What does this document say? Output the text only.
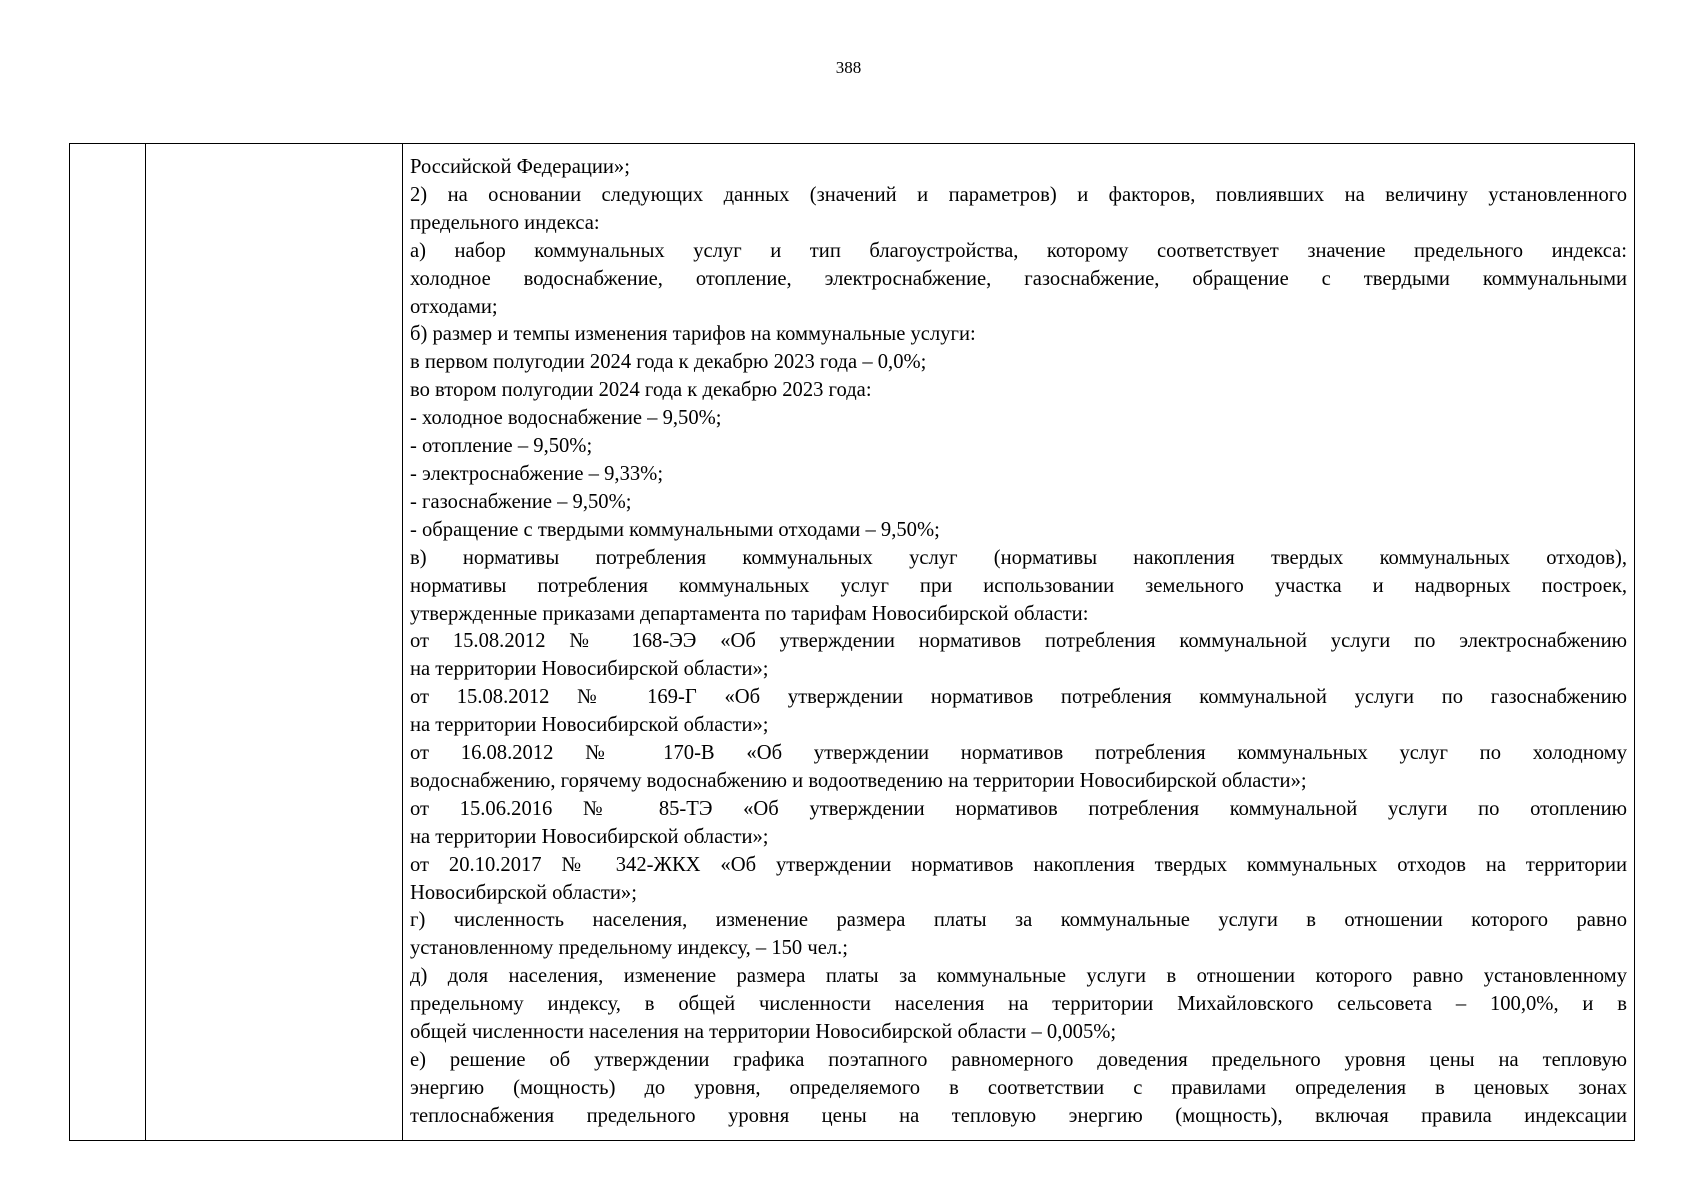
388
Российской Федерации»;
2) на основании следующих данных (значений и параметров) и факторов, повлиявших на величину установленного
предельного индекса:
а) набор коммунальных услуг и тип благоустройства, которому соответствует значение предельного индекса:
холодное водоснабжение, отопление, электроснабжение, газоснабжение, обращение с твердыми коммунальными
отходами;
б) размер и темпы изменения тарифов на коммунальные услуги:
в первом полугодии 2024 года к декабрю 2023 года – 0,0%;
во втором полугодии 2024 года к декабрю 2023 года:
- холодное водоснабжение – 9,50%;
- отопление – 9,50%;
- электроснабжение – 9,33%;
- газоснабжение – 9,50%;
- обращение с твердыми коммунальными отходами – 9,50%;
в) нормативы потребления коммунальных услуг (нормативы накопления твердых коммунальных отходов),
нормативы потребления коммунальных услуг при использовании земельного участка и надворных построек,
утвержденные приказами департамента по тарифам Новосибирской области:
от 15.08.2012 № 168-ЭЭ «Об утверждении нормативов потребления коммунальной услуги по электроснабжению
на территории Новосибирской области»;
от 15.08.2012 № 169-Г «Об утверждении нормативов потребления коммунальной услуги по газоснабжению
на территории Новосибирской области»;
от 16.08.2012 № 170-В «Об утверждении нормативов потребления коммунальных услуг по холодному
водоснабжению, горячему водоснабжению и водоотведению на территории Новосибирской области»;
от 15.06.2016 № 85-ТЭ «Об утверждении нормативов потребления коммунальной услуги по отоплению
на территории Новосибирской области»;
от 20.10.2017 № 342-ЖКХ «Об утверждении нормативов накопления твердых коммунальных отходов на территории
Новосибирской области»;
г) численность населения, изменение размера платы за коммунальные услуги в отношении которого равно
установленному предельному индексу, – 150 чел.;
д) доля населения, изменение размера платы за коммунальные услуги в отношении которого равно установленному
предельному индексу, в общей численности населения на территории Михайловского сельсовета – 100,0%, и в
общей численности населения на территории Новосибирской области – 0,005%;
е) решение об утверждении графика поэтапного равномерного доведения предельного уровня цены на тепловую
энергию (мощность) до уровня, определяемого в соответствии с правилами определения в ценовых зонах
теплоснабжения предельного уровня цены на тепловую энергию (мощность), включая правила индексации
